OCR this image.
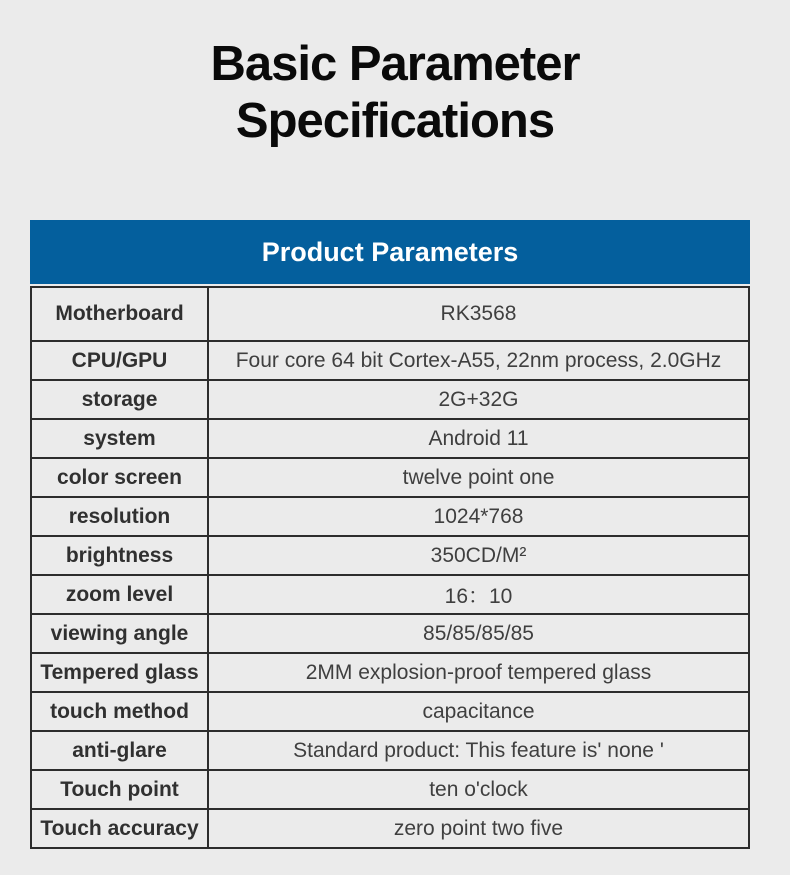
Basic Parameter
Specifications
Product Parameters
Motherboard	RK3568
CPU/GPU	Four core 64 bit Cortex-A55, 22nm process, 2.0GHz
storage	2G+32G
system	Android 11
color screen	twelve point one
resolution	1024*768
brightness	350CD/M²
zoom level	16：10
viewing angle	85/85/85/85
Tempered glass	2MM explosion-proof tempered glass
touch method	capacitance
anti-glare	Standard product: This feature is' none '
Touch point	ten o'clock
Touch accuracy	zero point two five
